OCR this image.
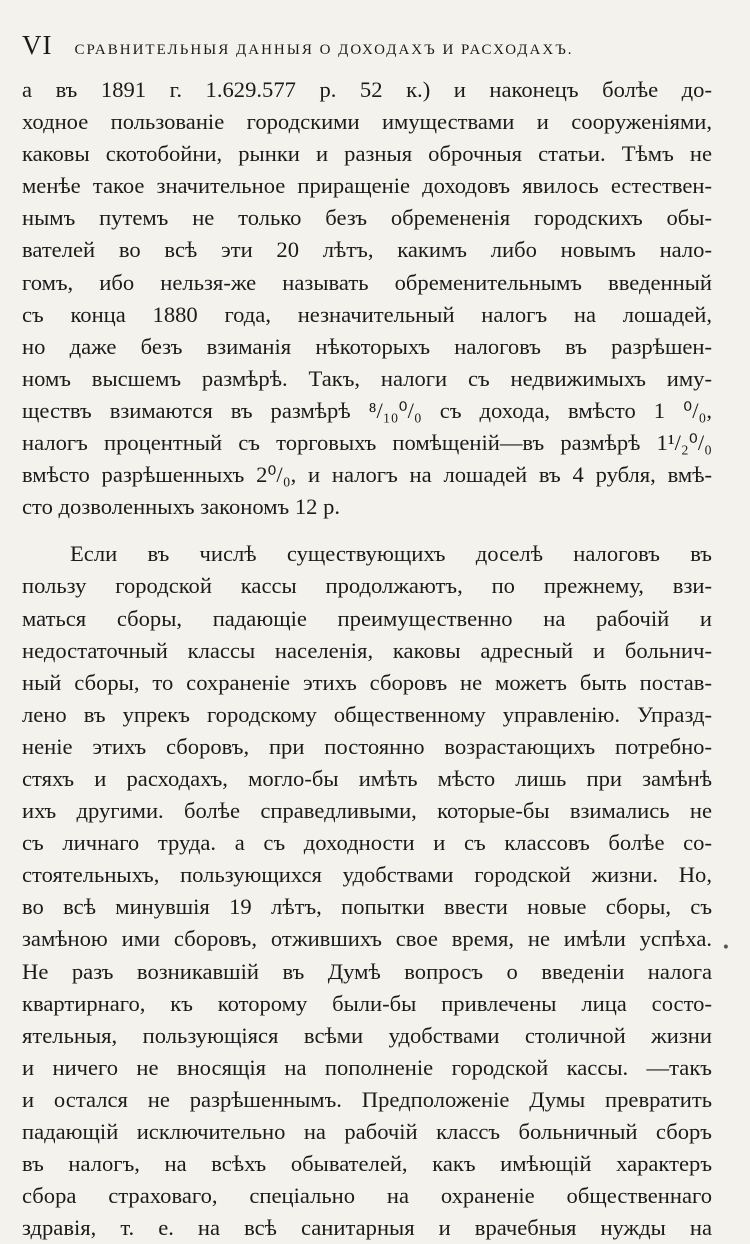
VI СРАВНИТЕЛЬНЫЯ ДАННЫЯ О ДОХОДАХЪ И РАСХОДАХЪ.
а въ 1891 г. 1.629.577 р. 52 к.) и наконецъ болѣе до-
ходное пользованіе городскими имуществами и сооруженіями,
каковы скотобойни, рынки и разныя оброчныя статьи. Тѣмъ не
менѣе такое значительное приращеніе доходовъ явилось естествен-
нымъ путемъ не только безъ обремененія городскихъ обы-
вателей во всѣ эти 20 лѣтъ, какимъ либо новымъ нало-
гомъ, ибо нельзя-же называть обременительнымъ введенный
съ конца 1880 года, незначительный налогъ на лошадей,
но даже безъ взиманія нѣкоторыхъ налоговъ въ разрѣшен-
номъ высшемъ размѣрѣ. Такъ, налоги съ недвижимыхъ иму-
ществъ взимаются въ размѣрѣ ⁸/₁₀⁰/₀ съ дохода, вмѣсто 1 ⁰/₀,
налогъ процентный съ торговыхъ помѣщеній—въ размѣрѣ 1¹/₂⁰/₀
вмѣсто разрѣшенныхъ 2⁰/₀, и налогъ на лошадей въ 4 рубля, вмѣ-
сто дозволенныхъ закономъ 12 р.
Если въ числѣ существующихъ доселѣ налоговъ въ
пользу городской кассы продолжаютъ, по прежнему, взи-
маться сборы, падающіе преимущественно на рабочій и
недостаточный классы населенія, каковы адресный и больнич-
ный сборы, то сохраненіе этихъ сборовъ не можетъ быть постав-
лено въ упрекъ городскому общественному управленію. Упразд-
неніе этихъ сборовъ, при постоянно возрастающихъ потребно-
стяхъ и расходахъ, могло-бы имѣть мѣсто лишь при замѣнѣ
ихъ другими. болѣе справедливыми, которые-бы взимались не
съ личнаго труда. а съ доходности и съ классовъ болѣе со-
стоятельныхъ, пользующихся удобствами городской жизни. Но,
во всѣ минувшія 19 лѣтъ, попытки ввести новые сборы, съ
замѣною ими сборовъ, отжившихъ свое время, не имѣли успѣха.
Не разъ возникавшій въ Думѣ вопросъ о введеніи налога
квартирнаго, къ которому были-бы привлечены лица состо-
ятельныя, пользующіяся всѣми удобствами столичной жизни
и ничего не вносящія на пополненіе городской кассы. —такъ
и остался не разрѣшеннымъ. Предположеніе Думы превратить
падающій исключительно на рабочій классъ больничный сборъ
въ налогъ, на всѣхъ обывателей, какъ имѣющій характеръ
сбора страховаго, спеціально на охраненіе общественнаго
здравія, т. е. на всѣ санитарныя и врачебныя нужды на
•
